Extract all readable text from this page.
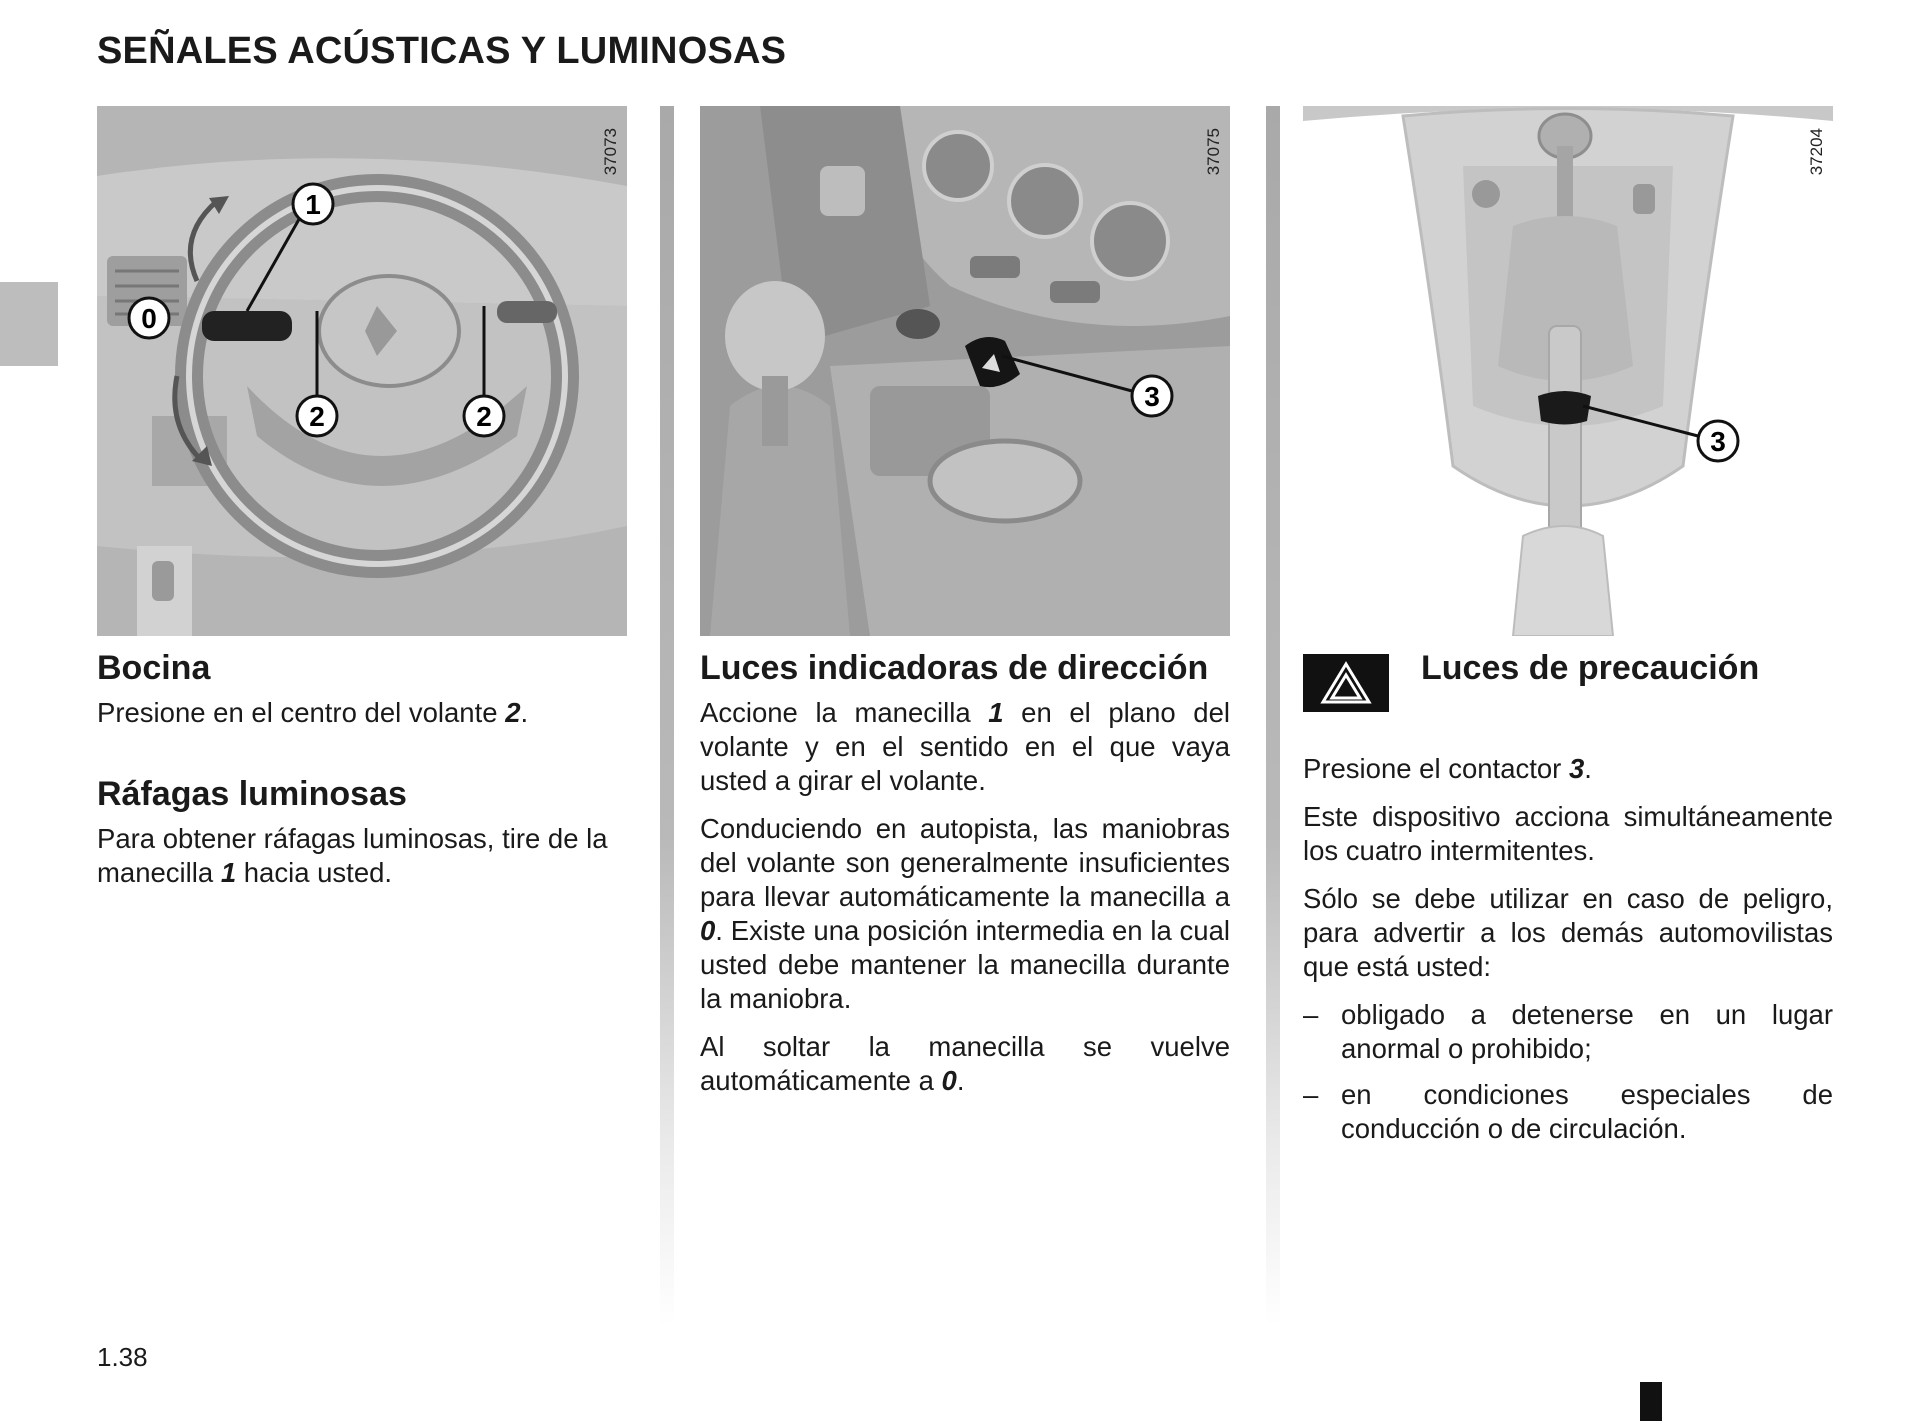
SEÑALES ACÚSTICAS Y LUMINOSAS
1
0
2	2
37073
3
37075
3
37204
Bocina

Presione en el centro del volante 2.

Ráfagas luminosas

Para obtener ráfagas luminosas, tire de la manecilla 1 hacia usted.

Luces indicadoras de dirección

Accione la manecilla 1 en el plano del volante y en el sentido en el que vaya usted a girar el volante.

Conduciendo en autopista, las maniobras del volante son generalmente insuficientes para llevar automáticamente la manecilla a 0. Existe una posición intermedia en la cual usted debe mantener la manecilla durante la maniobra.

Al soltar la manecilla se vuelve automáticamente a 0.

Luces de precaución

Presione el contactor 3.

Este dispositivo acciona simultáneamente los cuatro intermitentes.

Sólo se debe utilizar en caso de peligro, para advertir a los demás automovilistas que está usted:

– obligado a detenerse en un lugar anormal o prohibido;
– en condiciones especiales de conducción o de circulación.
1.38
